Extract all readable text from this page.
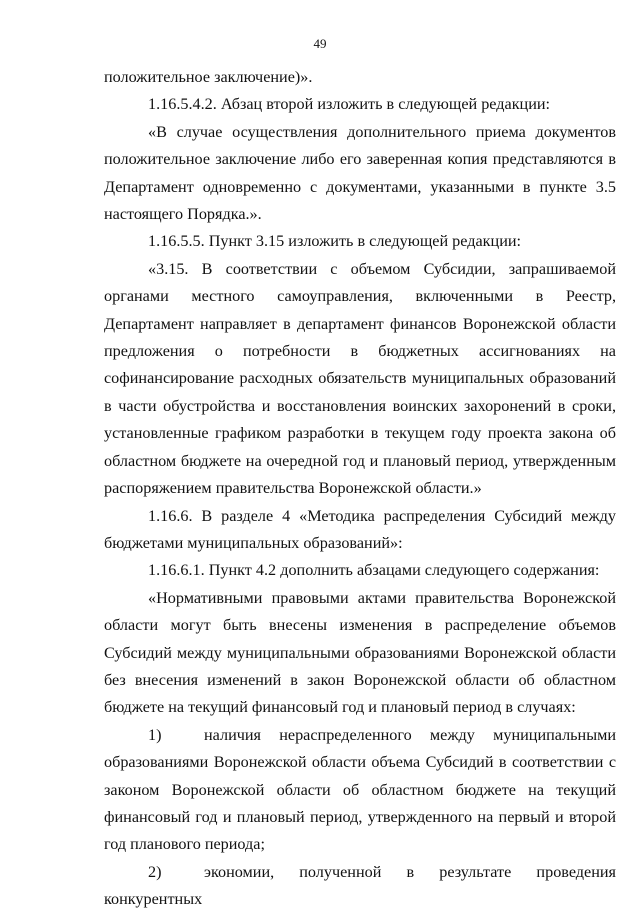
49

положительное заключение)».

1.16.5.4.2. Абзац второй изложить в следующей редакции:

«В случае осуществления дополнительного приема документов положительное заключение либо его заверенная копия представляются в Департамент одновременно с документами, указанными в пункте 3.5 настоящего Порядка.».

1.16.5.5. Пункт 3.15 изложить в следующей редакции:

«3.15. В соответствии с объемом Субсидии, запрашиваемой органами местного самоуправления, включенными в Реестр, Департамент направляет в департамент финансов Воронежской области предложения о потребности в бюджетных ассигнованиях на софинансирование расходных обязательств муниципальных образований в части обустройства и восстановления воинских захоронений в сроки, установленные графиком разработки в текущем году проекта закона об областном бюджете на очередной год и плановый период, утвержденным распоряжением правительства Воронежской области.»

1.16.6. В разделе 4 «Методика распределения Субсидий между бюджетами муниципальных образований»:

1.16.6.1. Пункт 4.2 дополнить абзацами следующего содержания:

«Нормативными правовыми актами правительства Воронежской области могут быть внесены изменения в распределение объемов Субсидий между муниципальными образованиями Воронежской области без внесения изменений в закон Воронежской области об областном бюджете на текущий финансовый год и плановый период в случаях:

1)	наличия нераспределенного между муниципальными образованиями Воронежской области объема Субсидий в соответствии с законом Воронежской области об областном бюджете на текущий финансовый год и плановый период, утвержденного на первый и второй год планового периода;

2)	экономии, полученной в результате проведения конкурентных
